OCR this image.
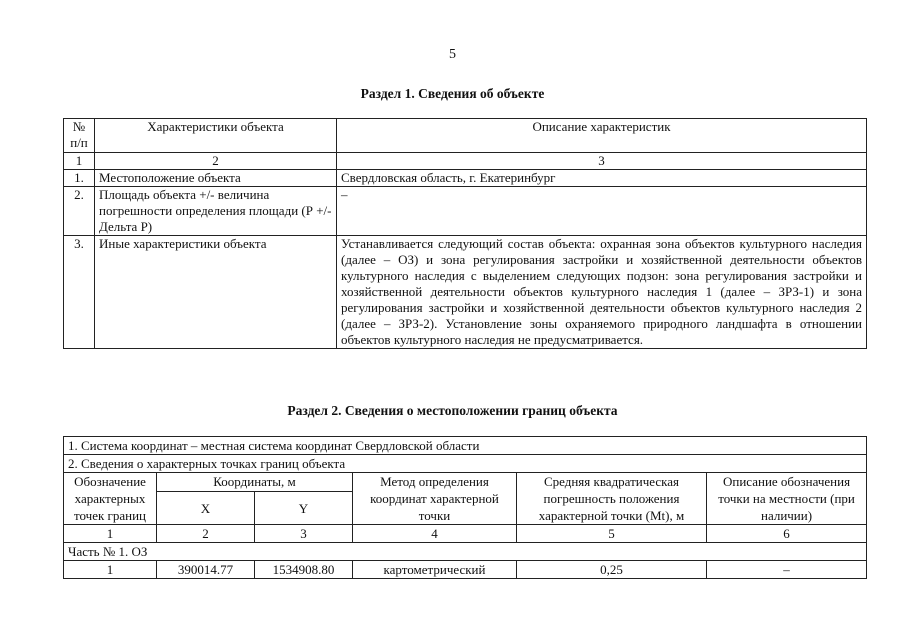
5
Раздел 1. Сведения об объекте
№ п/п	Характеристики объекта	Описание характеристик
1	2	3
1.	Местоположение объекта	Свердловская область, г. Екатеринбург
2.	Площадь объекта +/- величина погрешности определения площади (Р +/- Дельта Р)	–
3.	Иные характеристики объекта	Устанавливается следующий состав объекта: охранная зона объектов культурного наследия (далее – ОЗ) и зона регулирования застройки и хозяйственной деятельности объектов культурного наследия с выделением следующих подзон: зона регулирования застройки и хозяйственной деятельности объектов культурного наследия 1 (далее – ЗРЗ-1) и зона регулирования застройки и хозяйственной деятельности объектов культурного наследия 2 (далее – ЗРЗ-2). Установление зоны охраняемого природного ландшафта в отношении объектов культурного наследия не предусматривается.
Раздел 2. Сведения о местоположении границ объекта
1. Система координат – местная система координат Свердловской области					
2. Сведения о характерных точках границ объекта					
Обозначение характерных точек границ	Координаты, м		Метод определения координат характерной точки	Средняя квадратическая погрешность положения характерной точки (Mt), м	Описание обозначения точки на местности (при наличии)
	X	Y			
1	2	3	4	5	6
Часть № 1. ОЗ					
1	390014.77	1534908.80	картометрический	0,25	–
